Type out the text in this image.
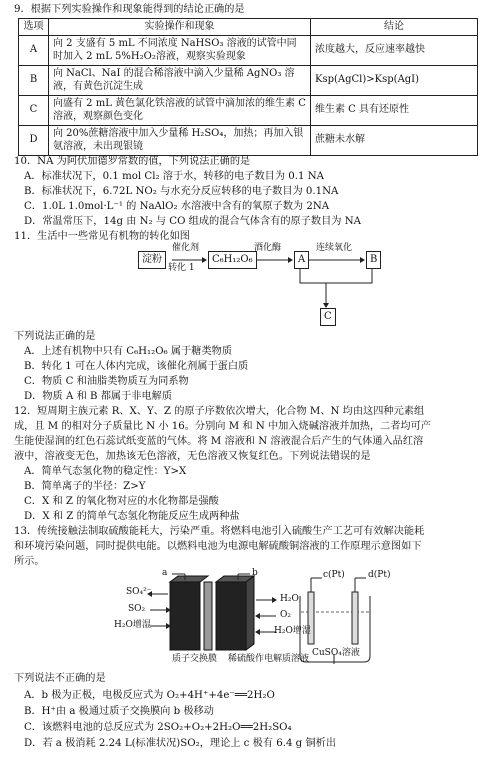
9．根据下列实验操作和现象能得到的结论正确的是
选项	实验操作和现象	结论
A	向 2 支盛有 5 mL 不同浓度 NaHSO₃ 溶液的试管中同时加入 2 mL 5%H₂O₂溶液，观察实验现象	浓度越大，反应速率越快
B	向 NaCl、NaI 的混合稀溶液中滴入少量稀 AgNO₃ 溶液，有黄色沉淀生成	Ksp(AgCl)>Ksp(AgI)
C	向盛有 2 mL 黄色氯化铁溶液的试管中滴加浓的维生素 C 溶液，观察颜色变化	维生素 C 具有还原性
D	向 20%蔗糖溶液中加入少量稀 H₂SO₄，加热；再加入银氨溶液，未出现银镜	蔗糖未水解
10．NA 为阿伏加德罗常数的值，下列说法正确的是
A．标准状况下，0.1 mol Cl₂ 溶于水，转移的电子数目为 0.1 NA
B．标准状况下，6.72L NO₂ 与水充分反应转移的电子数目为 0.1NA
C．1.0L 1.0mol·L⁻¹ 的 NaAlO₂ 水溶液中含有的氧原子数为 2NA
D．常温常压下，14g 由 N₂ 与 CO 组成的混合气体含有的原子数目为 NA
11．生活中一些常见有机物的转化如图
淀粉
催化剂
转化 1
C₆H₁₂O₆
酒化酶
A
连续氧化
B
C
下列说法正确的是
A．上述有机物中只有 C₆H₁₂O₆ 属于糖类物质
B．转化 1 可在人体内完成，该催化剂属于蛋白质
C．物质 C 和油脂类物质互为同系物
D．物质 A 和 B 都属于非电解质
12．短周期主族元素 R、X、Y、Z 的原子序数依次增大，化合物 M、N 均由这四种元素组
成，且 M 的相对分子质量比 N 小 16。分别向 M 和 N 中加入烧碱溶液并加热，二者均可产
生能使湿润的红色石蕊试纸变蓝的气体。将 M 溶液和 N 溶液混合后产生的气体通入品红溶
液中，溶液变无色，加热该无色溶液，无色溶液又恢复红色。下列说法错误的是
A．简单气态氢化物的稳定性：Y>X
B．简单离子的半径：Z>Y
C．X 和 Z 的氧化物对应的水化物都是强酸
D．X 和 Z 的简单气态氢化物能反应生成两种盐
13．传统接触法制取硫酸能耗大，污染严重。将燃料电池引入硫酸生产工艺可有效解决能耗
和环境污染问题，同时提供电能。以燃料电池为电源电解硫酸铜溶液的工作原理示意图如下
所示。
a	b
SO₄²⁻
SO₂
H₂O增湿
H₂O
O₂
H₂O增湿
质子交换膜 稀硫酸作电解质溶液
c(Pt)	d(Pt)
CuSO₄溶液
下列说法不正确的是
A．b 极为正极，电极反应式为 O₂+4H⁺+4e⁻══2H₂O
B．H⁺由 a 极通过质子交换膜向 b 极移动
C．该燃料电池的总反应式为 2SO₂+O₂+2H₂O══2H₂SO₄
D．若 a 极消耗 2.24 L(标准状况)SO₂，理论上 c 极有 6.4 g 铜析出
